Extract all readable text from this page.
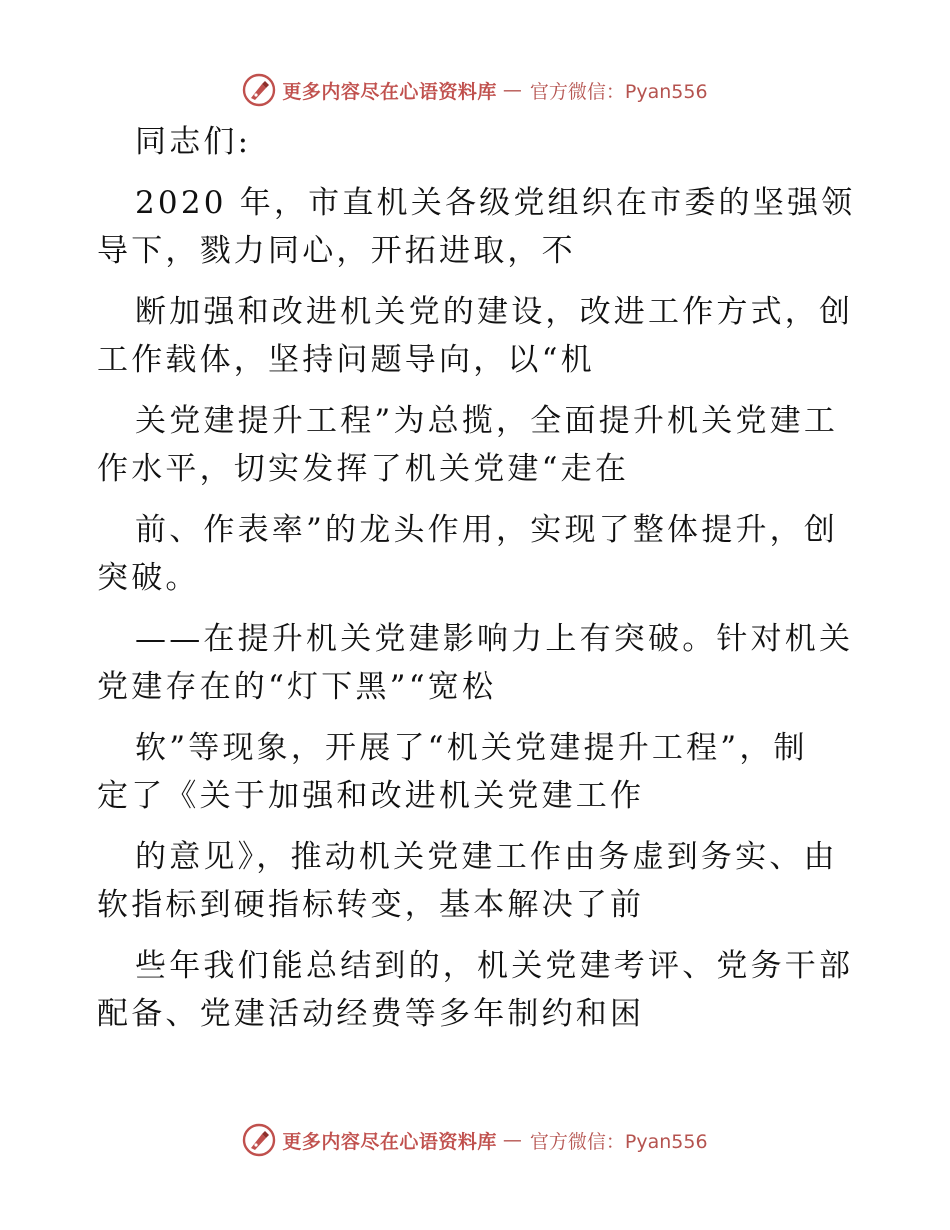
更多内容尽在心语资料库 — 官方微信：Pyan556
同志们:
2020 年，市直机关各级党组织在市委的坚强领
导下，戮力同心，开拓进取，不
断加强和改进机关党的建设，改进工作方式，创
工作载体，坚持问题导向，以“机
关党建提升工程”为总揽，全面提升机关党建工
作水平，切实发挥了机关党建“走在
前、作表率”的龙头作用，实现了整体提升，创
突破。
——在提升机关党建影响力上有突破。针对机关
党建存在的“灯下黑”“宽松
软”等现象，开展了“机关党建提升工程”，制
定了《关于加强和改进机关党建工作
的意见》，推动机关党建工作由务虚到务实、由
软指标到硬指标转变，基本解决了前
些年我们能总结到的，机关党建考评、党务干部
配备、党建活动经费等多年制约和困
更多内容尽在心语资料库 — 官方微信：Pyan556
